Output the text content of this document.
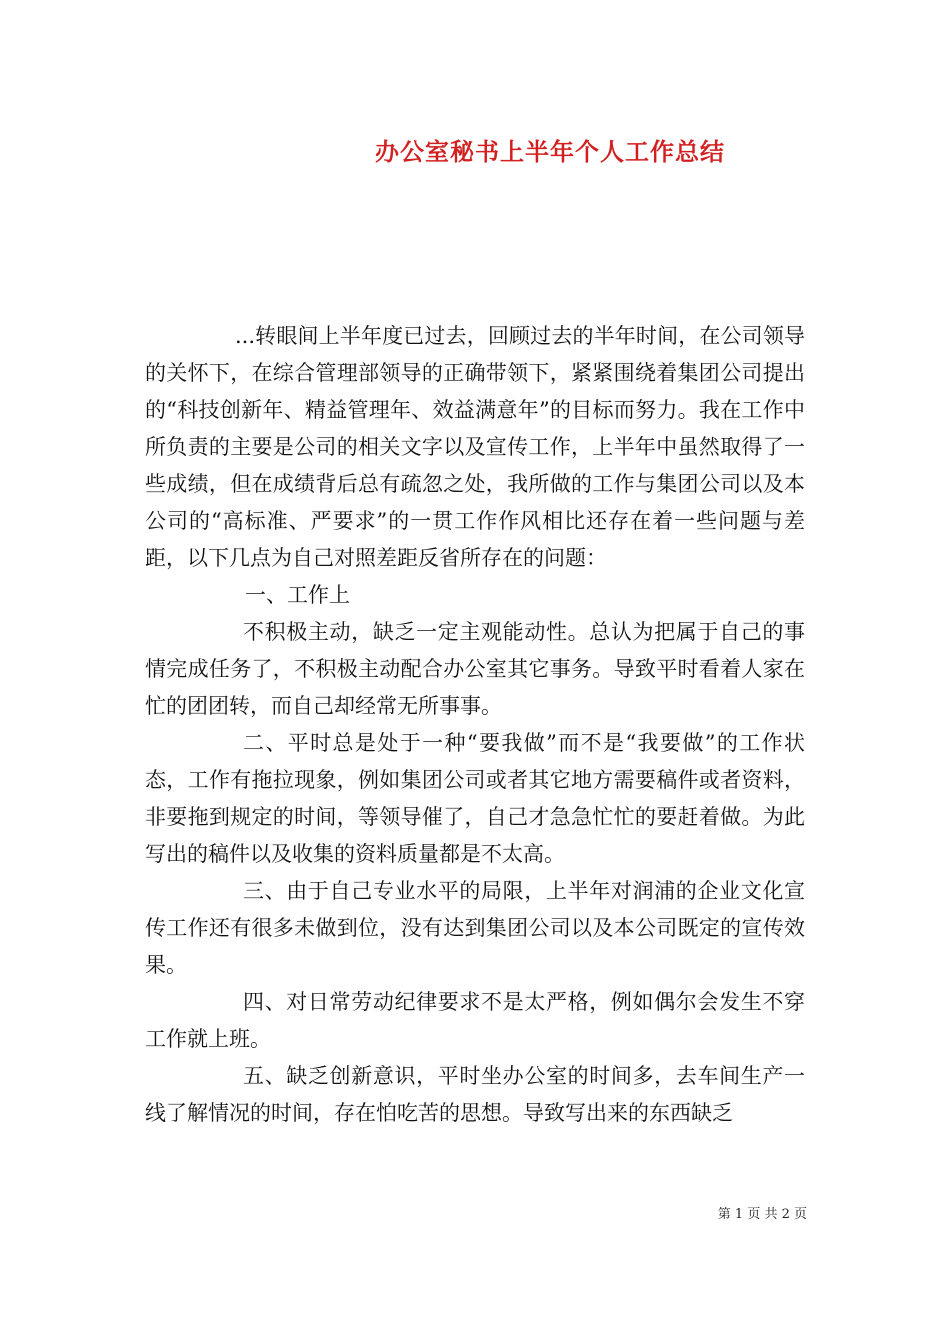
办公室秘书上半年个人工作总结

...转眼间上半年度已过去，回顾过去的半年时间，在公司领导的关怀下，在综合管理部领导的正确带领下，紧紧围绕着集团公司提出的“科技创新年、精益管理年、效益满意年”的目标而努力。我在工作中所负责的主要是公司的相关文字以及宣传工作，上半年中虽然取得了一些成绩，但在成绩背后总有疏忽之处，我所做的工作与集团公司以及本公司的“高标准、严要求”的一贯工作作风相比还存在着一些问题与差距，以下几点为自己对照差距反省所存在的问题：

一、工作上

不积极主动，缺乏一定主观能动性。总认为把属于自己的事情完成任务了，不积极主动配合办公室其它事务。导致平时看着人家在忙的团团转，而自己却经常无所事事。

二、平时总是处于一种“要我做”而不是“我要做”的工作状态，工作有拖拉现象，例如集团公司或者其它地方需要稿件或者资料，非要拖到规定的时间，等领导催了，自己才急急忙忙的要赶着做。为此写出的稿件以及收集的资料质量都是不太高。

三、由于自己专业水平的局限，上半年对润浦的企业文化宣传工作还有很多未做到位，没有达到集团公司以及本公司既定的宣传效果。

四、对日常劳动纪律要求不是太严格，例如偶尔会发生不穿工作就上班。

五、缺乏创新意识，平时坐办公室的时间多，去车间生产一线了解情况的时间，存在怕吃苦的思想。导致写出来的东西缺乏

第 1 页 共 2 页
